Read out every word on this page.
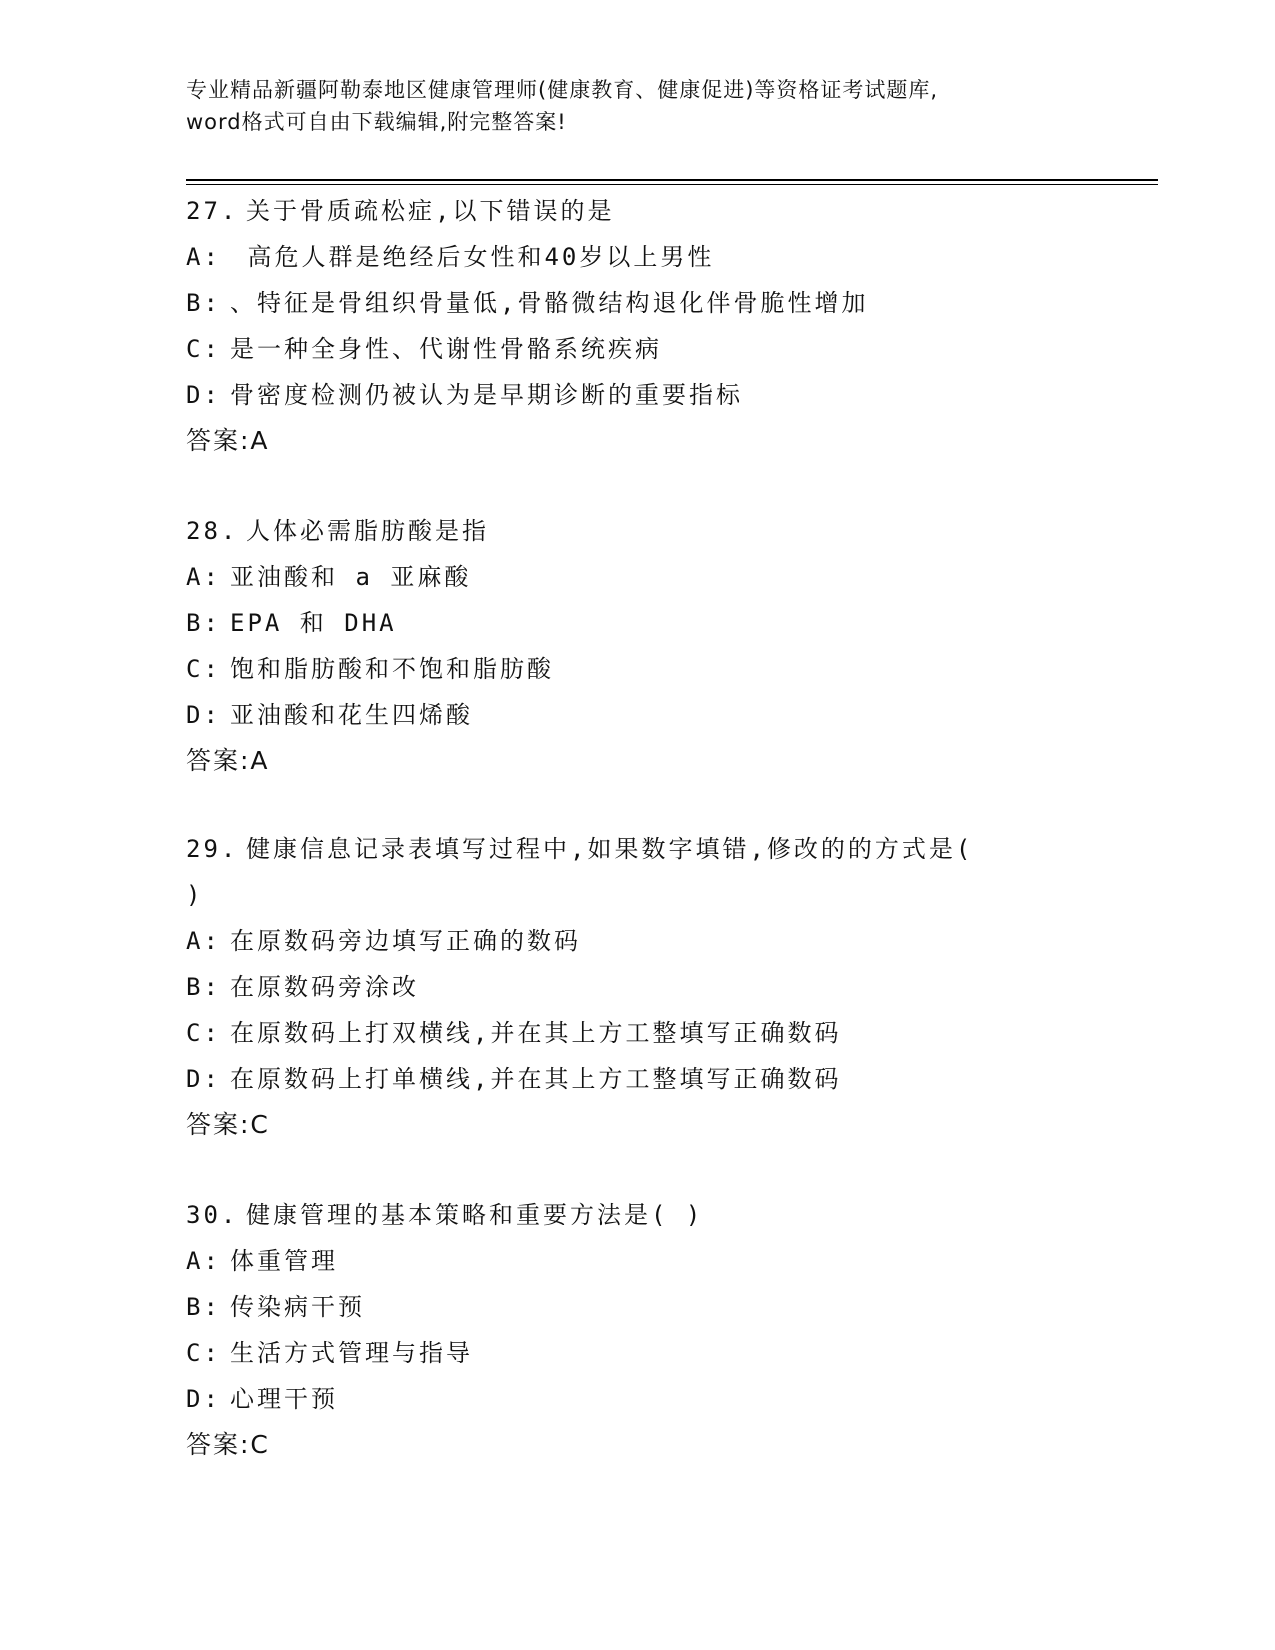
专业精品新疆阿勒泰地区健康管理师(健康教育、健康促进)等资格证考试题库,
word格式可自由下载编辑,附完整答案!
27. 关于骨质疏松症,以下错误的是
A: 高危人群是绝经后女性和40岁以上男性
B: 、特征是骨组织骨量低,骨骼微结构退化伴骨脆性增加
C: 是一种全身性、代谢性骨骼系统疾病
D: 骨密度检测仍被认为是早期诊断的重要指标
答案:A
28. 人体必需脂肪酸是指
A: 亚油酸和 a 亚麻酸
B: EPA 和 DHA
C: 饱和脂肪酸和不饱和脂肪酸
D: 亚油酸和花生四烯酸
答案:A
29. 健康信息记录表填写过程中,如果数字填错,修改的的方式是(
)
A: 在原数码旁边填写正确的数码
B: 在原数码旁涂改
C: 在原数码上打双横线,并在其上方工整填写正确数码
D: 在原数码上打单横线,并在其上方工整填写正确数码
答案:C
30. 健康管理的基本策略和重要方法是( )
A: 体重管理
B: 传染病干预
C: 生活方式管理与指导
D: 心理干预
答案:C
